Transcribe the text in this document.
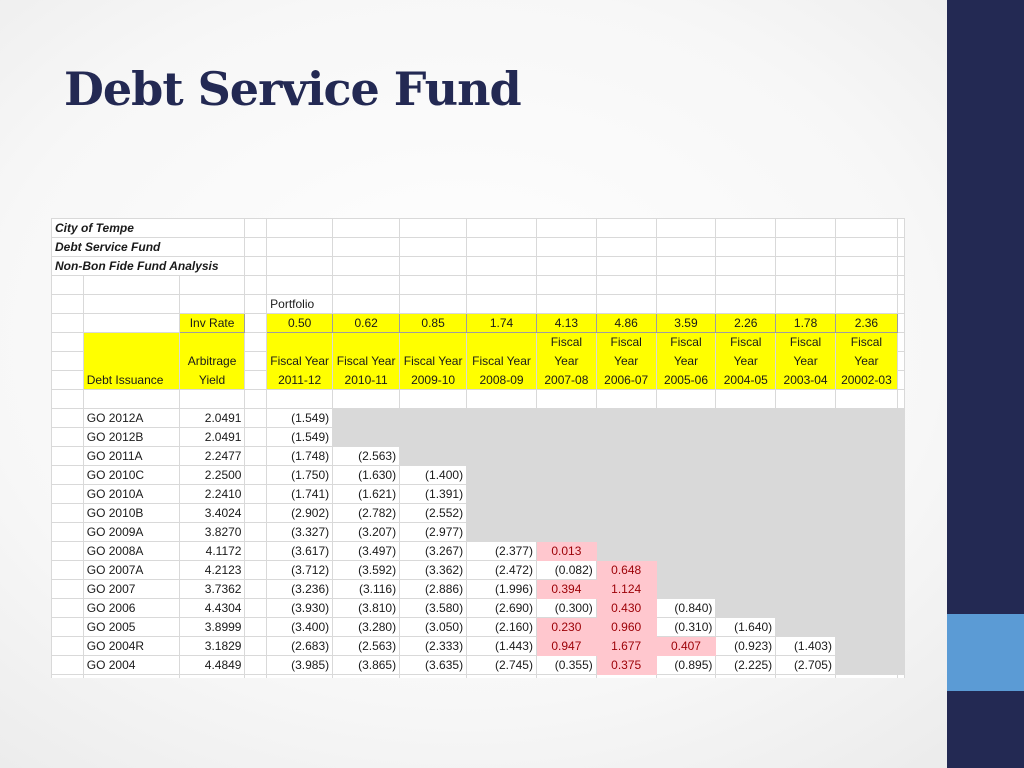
Debt Service Fund
City of Tempe														
Debt Service Fund														
Non-Bon Fide Fund Analysis														

				Portfolio										
		Inv Rate		0.50	0.62	0.85	1.74	4.13	4.86	3.59	2.26	1.78	2.36	
								Fiscal	Fiscal	Fiscal	Fiscal	Fiscal	Fiscal	
		Arbitrage		Fiscal Year	Fiscal Year	Fiscal Year	Fiscal Year	Year	Year	Year	Year	Year	Year	
	Debt Issuance	Yield		2011-12	2010-11	2009-10	2008-09	2007-08	2006-07	2005-06	2004-05	2003-04	20002-03	

	GO 2012A	2.0491		(1.549)										
	GO 2012B	2.0491		(1.549)										
	GO 2011A	2.2477		(1.748)	(2.563)									
	GO 2010C	2.2500		(1.750)	(1.630)	(1.400)								
	GO 2010A	2.2410		(1.741)	(1.621)	(1.391)								
	GO 2010B	3.4024		(2.902)	(2.782)	(2.552)								
	GO 2009A	3.8270		(3.327)	(3.207)	(2.977)								
	GO 2008A	4.1172		(3.617)	(3.497)	(3.267)	(2.377)	0.013						
	GO 2007A	4.2123		(3.712)	(3.592)	(3.362)	(2.472)	(0.082)	0.648					
	GO 2007	3.7362		(3.236)	(3.116)	(2.886)	(1.996)	0.394	1.124					
	GO 2006	4.4304		(3.930)	(3.810)	(3.580)	(2.690)	(0.300)	0.430	(0.840)				
	GO 2005	3.8999		(3.400)	(3.280)	(3.050)	(2.160)	0.230	0.960	(0.310)	(1.640)			
	GO 2004R	3.1829		(2.683)	(2.563)	(2.333)	(1.443)	0.947	1.677	0.407	(0.923)	(1.403)		
	GO 2004	4.4849		(3.985)	(3.865)	(3.635)	(2.745)	(0.355)	0.375	(0.895)	(2.225)	(2.705)		
